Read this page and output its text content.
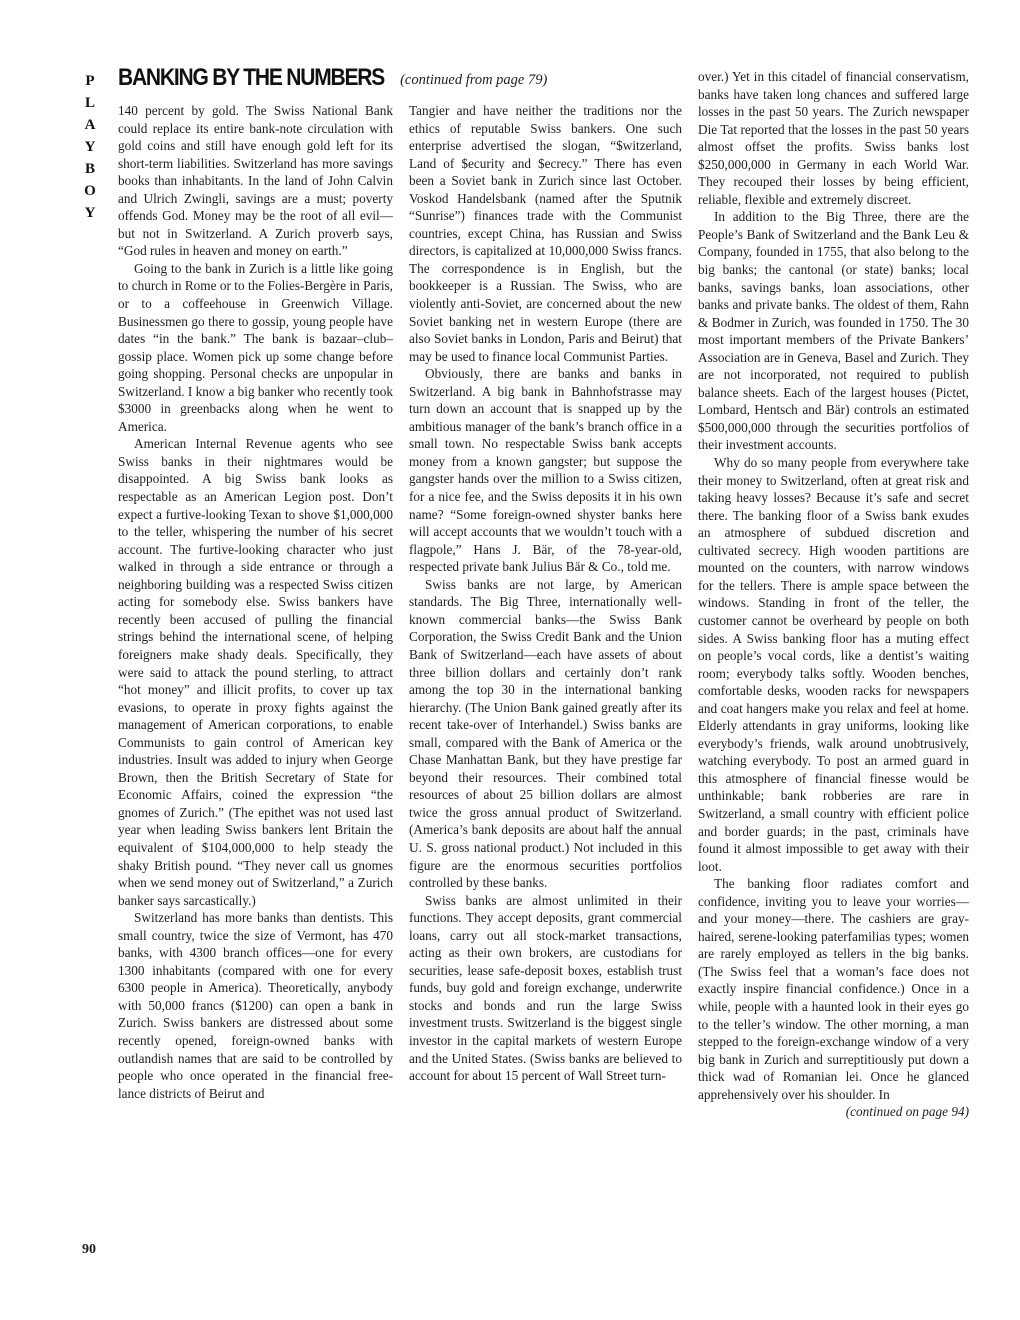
P
L
A
Y
B
O
Y
BANKING BY THE NUMBERS (continued from page 79)

140 percent by gold. The Swiss National Bank could replace its entire bank-note circulation with gold coins and still have enough gold left for its short-term liabilities. Switzerland has more savings books than inhabitants. In the land of John Calvin and Ulrich Zwingli, savings are a must; poverty offends God. Money may be the root of all evil—but not in Switzerland. A Zurich proverb says, “God rules in heaven and money on earth.”

Going to the bank in Zurich is a little like going to church in Rome or to the Folies-Bergère in Paris, or to a coffeehouse in Greenwich Village. Businessmen go there to gossip, young people have dates “in the bank.” The bank is bazaar–club–gossip place. Women pick up some change before going shopping. Personal checks are unpopular in Switzerland. I know a big banker who recently took $3000 in greenbacks along when he went to America.

American Internal Revenue agents who see Swiss banks in their nightmares would be disappointed. A big Swiss bank looks as respectable as an American Legion post. Don’t expect a furtive-looking Texan to shove $1,000,000 to the teller, whispering the number of his secret account. The furtive-looking character who just walked in through a side entrance or through a neighboring building was a respected Swiss citizen acting for somebody else. Swiss bankers have recently been accused of pulling the financial strings behind the international scene, of helping foreigners make shady deals. Specifically, they were said to attack the pound sterling, to attract “hot money” and illicit profits, to cover up tax evasions, to operate in proxy fights against the management of American corporations, to enable Communists to gain control of American key industries. Insult was added to injury when George Brown, then the British Secretary of State for Economic Affairs, coined the expression “the gnomes of Zurich.” (The epithet was not used last year when leading Swiss bankers lent Britain the equivalent of $104,000,000 to help steady the shaky British pound. “They never call us gnomes when we send money out of Switzerland,” a Zurich banker says sarcastically.)

Switzerland has more banks than dentists. This small country, twice the size of Vermont, has 470 banks, with 4300 branch offices—one for every 1300 inhabitants (compared with one for every 6300 people in America). Theoretically, anybody with 50,000 francs ($1200) can open a bank in Zurich. Swiss bankers are distressed about some recently opened, foreign-owned banks with outlandish names that are said to be controlled by people who once operated in the financial free-lance districts of Beirut and

Tangier and have neither the traditions nor the ethics of reputable Swiss bankers. One such enterprise advertised the slogan, “$witzerland, Land of $ecurity and $ecrecy.” There has even been a Soviet bank in Zurich since last October. Voskod Handelsbank (named after the Sputnik “Sunrise”) finances trade with the Communist countries, except China, has Russian and Swiss directors, is capitalized at 10,000,000 Swiss francs. The correspondence is in English, but the bookkeeper is a Russian. The Swiss, who are violently anti-Soviet, are concerned about the new Soviet banking net in western Europe (there are also Soviet banks in London, Paris and Beirut) that may be used to finance local Communist Parties.

Obviously, there are banks and banks in Switzerland. A big bank in Bahnhofstrasse may turn down an account that is snapped up by the ambitious manager of the bank’s branch office in a small town. No respectable Swiss bank accepts money from a known gangster; but suppose the gangster hands over the million to a Swiss citizen, for a nice fee, and the Swiss deposits it in his own name? “Some foreign-owned shyster banks here will accept accounts that we wouldn’t touch with a flagpole,” Hans J. Bär, of the 78-year-old, respected private bank Julius Bär & Co., told me.

Swiss banks are not large, by American standards. The Big Three, internationally well-known commercial banks—the Swiss Bank Corporation, the Swiss Credit Bank and the Union Bank of Switzerland—each have assets of about three billion dollars and certainly don’t rank among the top 30 in the international banking hierarchy. (The Union Bank gained greatly after its recent take-over of Interhandel.) Swiss banks are small, compared with the Bank of America or the Chase Manhattan Bank, but they have prestige far beyond their resources. Their combined total resources of about 25 billion dollars are almost twice the gross annual product of Switzerland. (America’s bank deposits are about half the annual U. S. gross national product.) Not included in this figure are the enormous securities portfolios controlled by these banks.

Swiss banks are almost unlimited in their functions. They accept deposits, grant commercial loans, carry out all stock-market transactions, acting as their own brokers, are custodians for securities, lease safe-deposit boxes, establish trust funds, buy gold and foreign exchange, underwrite stocks and bonds and run the large Swiss investment trusts. Switzerland is the biggest single investor in the capital markets of western Europe and the United States. (Swiss banks are believed to account for about 15 percent of Wall Street turn-

over.) Yet in this citadel of financial conservatism, banks have taken long chances and suffered large losses in the past 50 years. The Zurich newspaper Die Tat reported that the losses in the past 50 years almost offset the profits. Swiss banks lost $250,000,000 in Germany in each World War. They recouped their losses by being efficient, reliable, flexible and extremely discreet.

In addition to the Big Three, there are the People’s Bank of Switzerland and the Bank Leu & Company, founded in 1755, that also belong to the big banks; the cantonal (or state) banks; local banks, savings banks, loan associations, other banks and private banks. The oldest of them, Rahn & Bodmer in Zurich, was founded in 1750. The 30 most important members of the Private Bankers’ Association are in Geneva, Basel and Zurich. They are not incorporated, not required to publish balance sheets. Each of the largest houses (Pictet, Lombard, Hentsch and Bär) controls an estimated $500,000,000 through the securities portfolios of their investment accounts.

Why do so many people from everywhere take their money to Switzerland, often at great risk and taking heavy losses? Because it’s safe and secret there. The banking floor of a Swiss bank exudes an atmosphere of subdued discretion and cultivated secrecy. High wooden partitions are mounted on the counters, with narrow windows for the tellers. There is ample space between the windows. Standing in front of the teller, the customer cannot be overheard by people on both sides. A Swiss banking floor has a muting effect on people’s vocal cords, like a dentist’s waiting room; everybody talks softly. Wooden benches, comfortable desks, wooden racks for newspapers and coat hangers make you relax and feel at home. Elderly attendants in gray uniforms, looking like everybody’s friends, walk around unobtrusively, watching everybody. To post an armed guard in this atmosphere of financial finesse would be unthinkable; bank robberies are rare in Switzerland, a small country with efficient police and border guards; in the past, criminals have found it almost impossible to get away with their loot.

The banking floor radiates comfort and confidence, inviting you to leave your worries—and your money—there. The cashiers are gray-haired, serene-looking paterfamilias types; women are rarely employed as tellers in the big banks. (The Swiss feel that a woman’s face does not exactly inspire financial confidence.) Once in a while, people with a haunted look in their eyes go to the teller’s window. The other morning, a man stepped to the foreign-exchange window of a very big bank in Zurich and surreptitiously put down a thick wad of Romanian lei. Once he glanced apprehensively over his shoulder. In

(continued on page 94)
90
